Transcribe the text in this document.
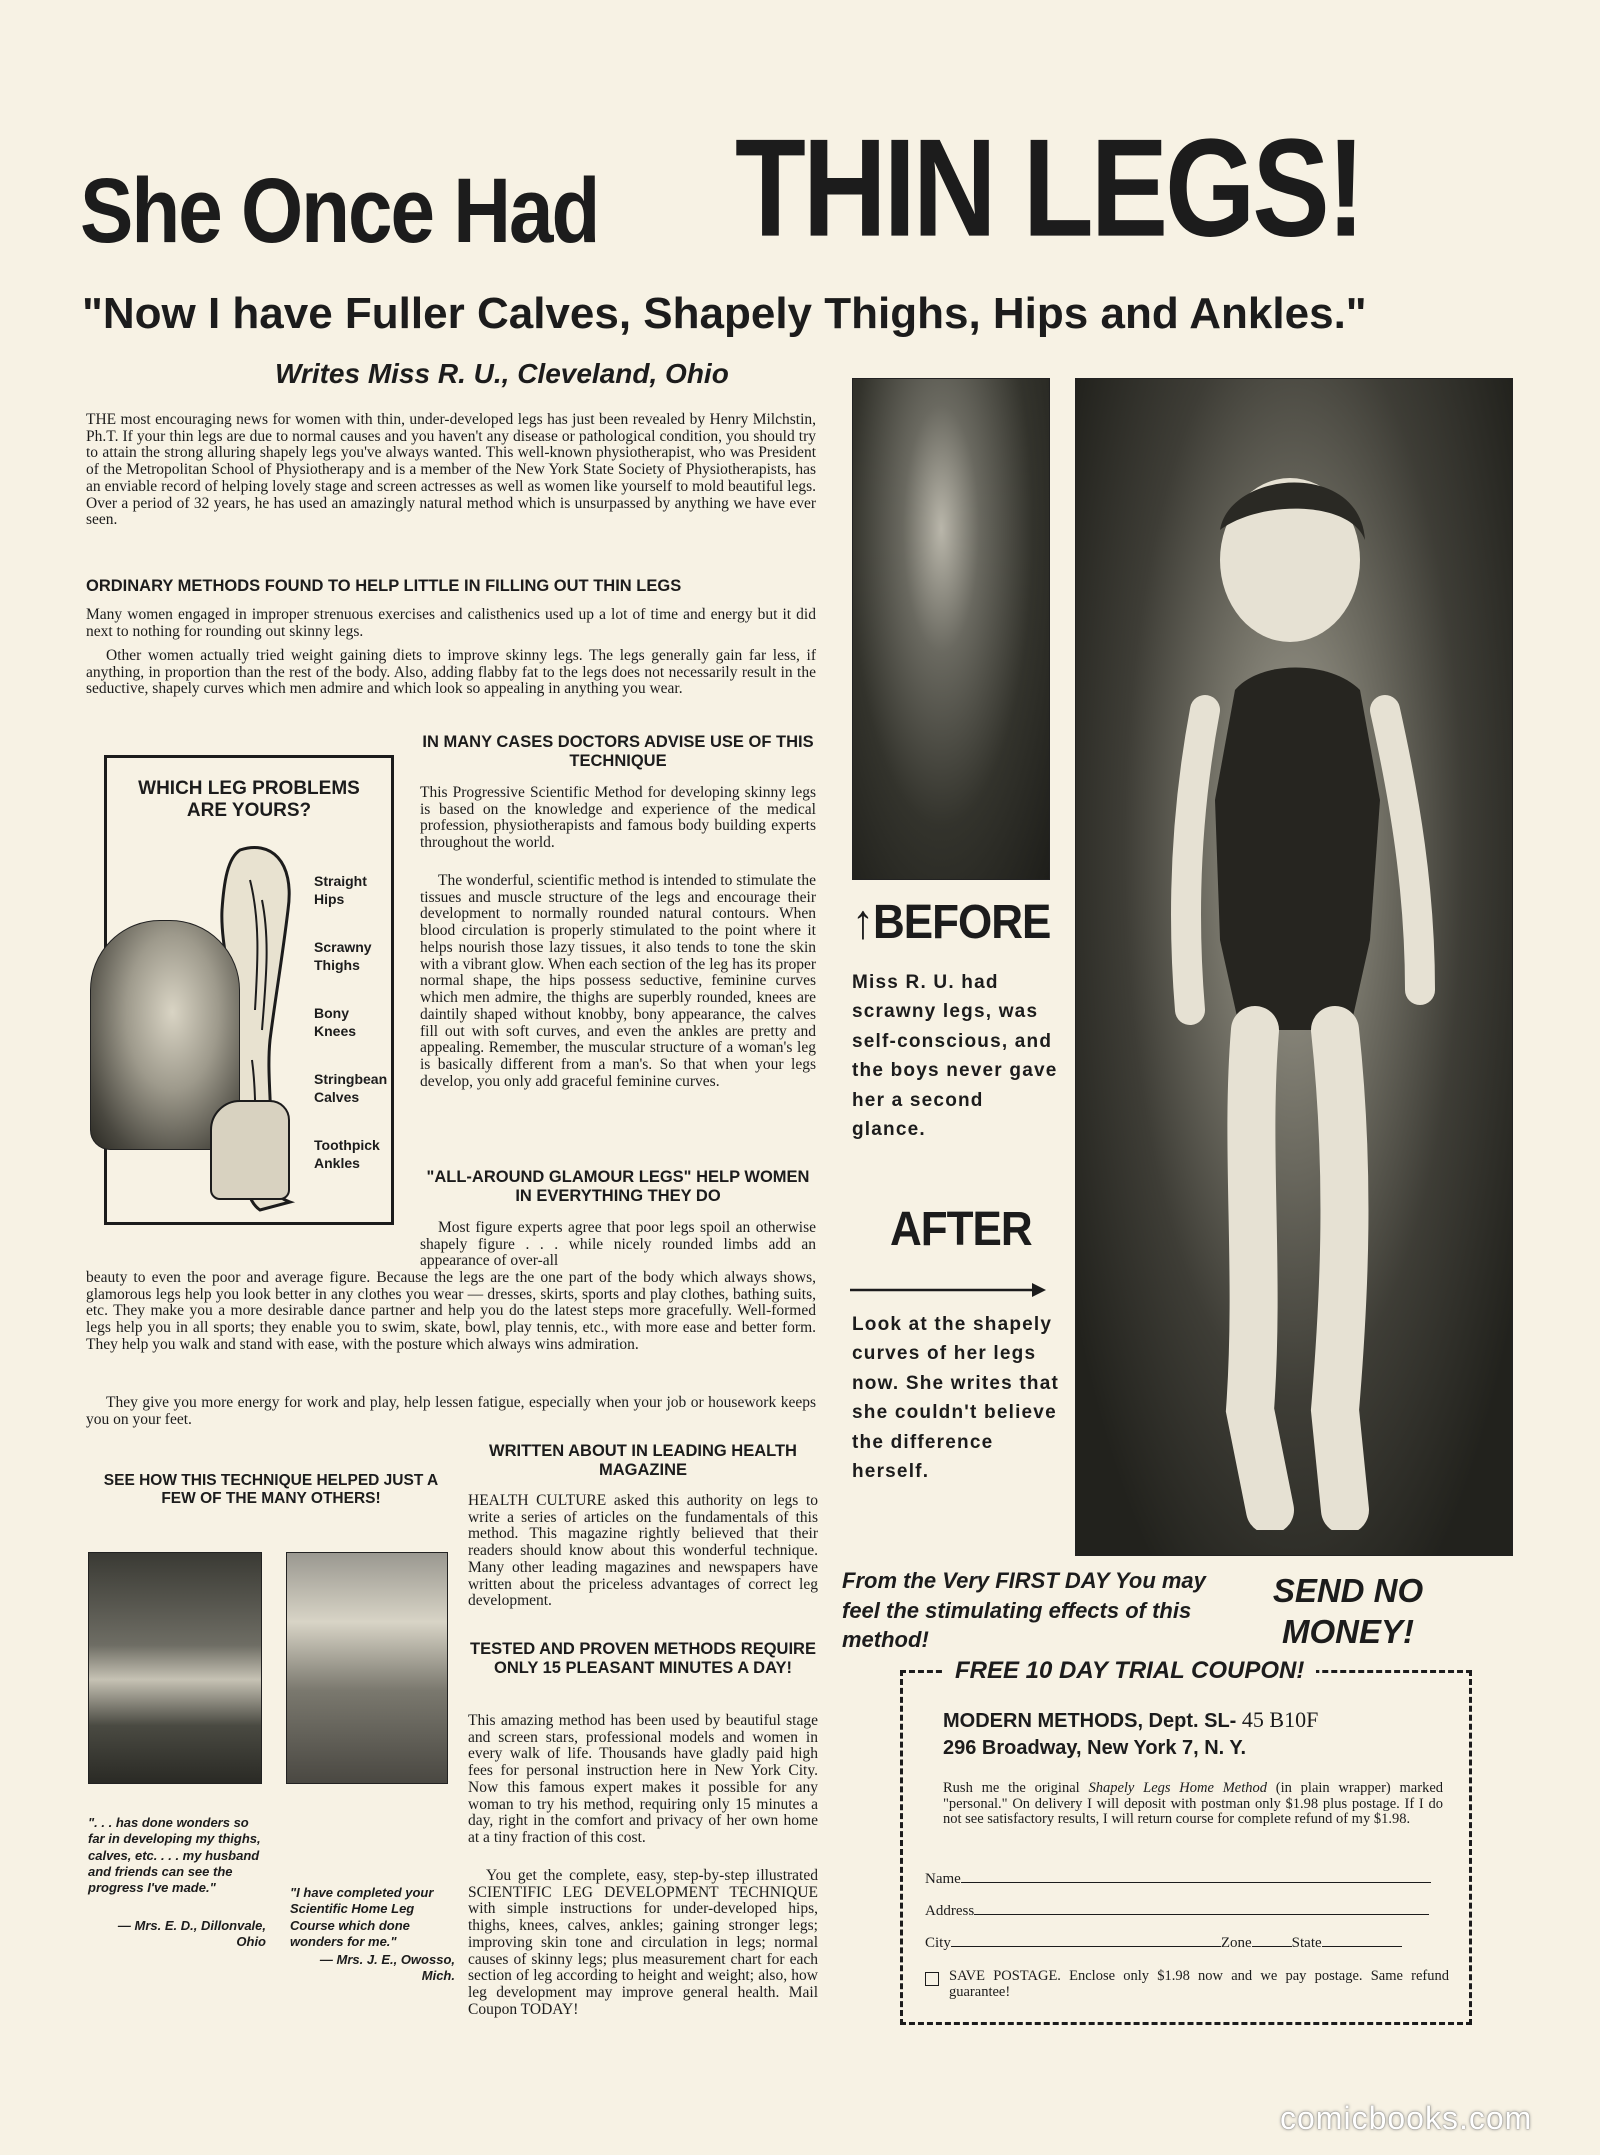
She Once Had THIN LEGS!
"Now I have Fuller Calves, Shapely Thighs, Hips and Ankles."
Writes Miss R. U., Cleveland, Ohio
THE most encouraging news for women with thin, under-developed legs has just been revealed by Henry Milchstin, Ph.T. If your thin legs are due to normal causes and you haven't any disease or pathological condition, you should try to attain the strong alluring shapely legs you've always wanted. This well-known physiotherapist, who was President of the Metropolitan School of Physiotherapy and is a member of the New York State Society of Physiotherapists, has an enviable record of helping lovely stage and screen actresses as well as women like yourself to mold beautiful legs. Over a period of 32 years, he has used an amazingly natural method which is unsurpassed by anything we have ever seen.
ORDINARY METHODS FOUND TO HELP LITTLE IN FILLING OUT THIN LEGS
Many women engaged in improper strenuous exercises and calisthenics used up a lot of time and energy but it did next to nothing for rounding out skinny legs.
Other women actually tried weight gaining diets to improve skinny legs. The legs generally gain far less, if anything, in proportion than the rest of the body. Also, adding flabby fat to the legs does not necessarily result in the seductive, shapely curves which men admire and which look so appealing in anything you wear.
WHICH LEG PROBLEMS ARE YOURS?
Straight Hips
Scrawny Thighs
Bony Knees
Stringbean Calves
Toothpick Ankles
IN MANY CASES DOCTORS ADVISE USE OF THIS TECHNIQUE
This Progressive Scientific Method for developing skinny legs is based on the knowledge and experience of the medical profession, physiotherapists and famous body building experts throughout the world.
The wonderful, scientific method is intended to stimulate the tissues and muscle structure of the legs and encourage their development to normally rounded natural contours. When blood circulation is properly stimulated to the point where it helps nourish those lazy tissues, it also tends to tone the skin with a vibrant glow. When each section of the leg has its proper normal shape, the hips possess seductive, feminine curves which men admire, the thighs are superbly rounded, knees are daintily shaped without knobby, bony appearance, the calves fill out with soft curves, and even the ankles are pretty and appealing. Remember, the muscular structure of a woman's leg is basically different from a man's. So that when your legs develop, you only add graceful feminine curves.
"ALL-AROUND GLAMOUR LEGS" HELP WOMEN IN EVERYTHING THEY DO
Most figure experts agree that poor legs spoil an otherwise shapely figure . . . while nicely rounded limbs add an appearance of over-all
beauty to even the poor and average figure. Because the legs are the one part of the body which always shows, glamorous legs help you look better in any clothes you wear — dresses, skirts, sports and play clothes, bathing suits, etc. They make you a more desirable dance partner and help you do the latest steps more gracefully. Well-formed legs help you in all sports; they enable you to swim, skate, bowl, play tennis, etc., with more ease and better form. They help you walk and stand with ease, with the posture which always wins admiration.
They give you more energy for work and play, help lessen fatigue, especially when your job or housework keeps you on your feet.
SEE HOW THIS TECHNIQUE HELPED JUST A FEW OF THE MANY OTHERS!
". . . has done wonders so far in developing my thighs, calves, etc. . . . my husband and friends can see the progress I've made."
— Mrs. E. D., Dillonvale, Ohio
"I have completed your Scientific Home Leg Course which done wonders for me."
— Mrs. J. E., Owosso, Mich.
WRITTEN ABOUT IN LEADING HEALTH MAGAZINE
HEALTH CULTURE asked this authority on legs to write a series of articles on the fundamentals of this method. This magazine rightly believed that their readers should know about this wonderful technique. Many other leading magazines and newspapers have written about the priceless advantages of correct leg development.
TESTED AND PROVEN METHODS REQUIRE ONLY 15 PLEASANT MINUTES A DAY!
This amazing method has been used by beautiful stage and screen stars, professional models and women in every walk of life. Thousands have gladly paid high fees for personal instruction here in New York City. Now this famous expert makes it possible for any woman to try his method, requiring only 15 minutes a day, right in the comfort and privacy of her own home at a tiny fraction of this cost.
You get the complete, easy, step-by-step illustrated SCIENTIFIC LEG DEVELOPMENT TECHNIQUE with simple instructions for under-developed hips, thighs, knees, calves, ankles; gaining stronger legs; improving skin tone and circulation in legs; normal causes of skinny legs; plus measurement chart for each section of leg according to height and weight; also, how leg development may improve general health. Mail Coupon TODAY!
↑BEFORE
Miss R. U. had scrawny legs, was self-conscious, and the boys never gave her a second glance.
AFTER
Look at the shapely curves of her legs now. She writes that she couldn't believe the difference herself.
From the Very FIRST DAY You may feel the stimulating effects of this method!
SEND NO MONEY!
FREE 10 DAY TRIAL COUPON!
MODERN METHODS, Dept. SL- 45 B10F
296 Broadway, New York 7, N. Y.
Rush me the original Shapely Legs Home Method (in plain wrapper) marked "personal." On delivery I will deposit with postman only $1.98 plus postage. If I do not see satisfactory results, I will return course for complete refund of my $1.98.
Name
Address
City	Zone	State
SAVE POSTAGE. Enclose only $1.98 now and we pay postage. Same refund guarantee!
comicbooks.com
